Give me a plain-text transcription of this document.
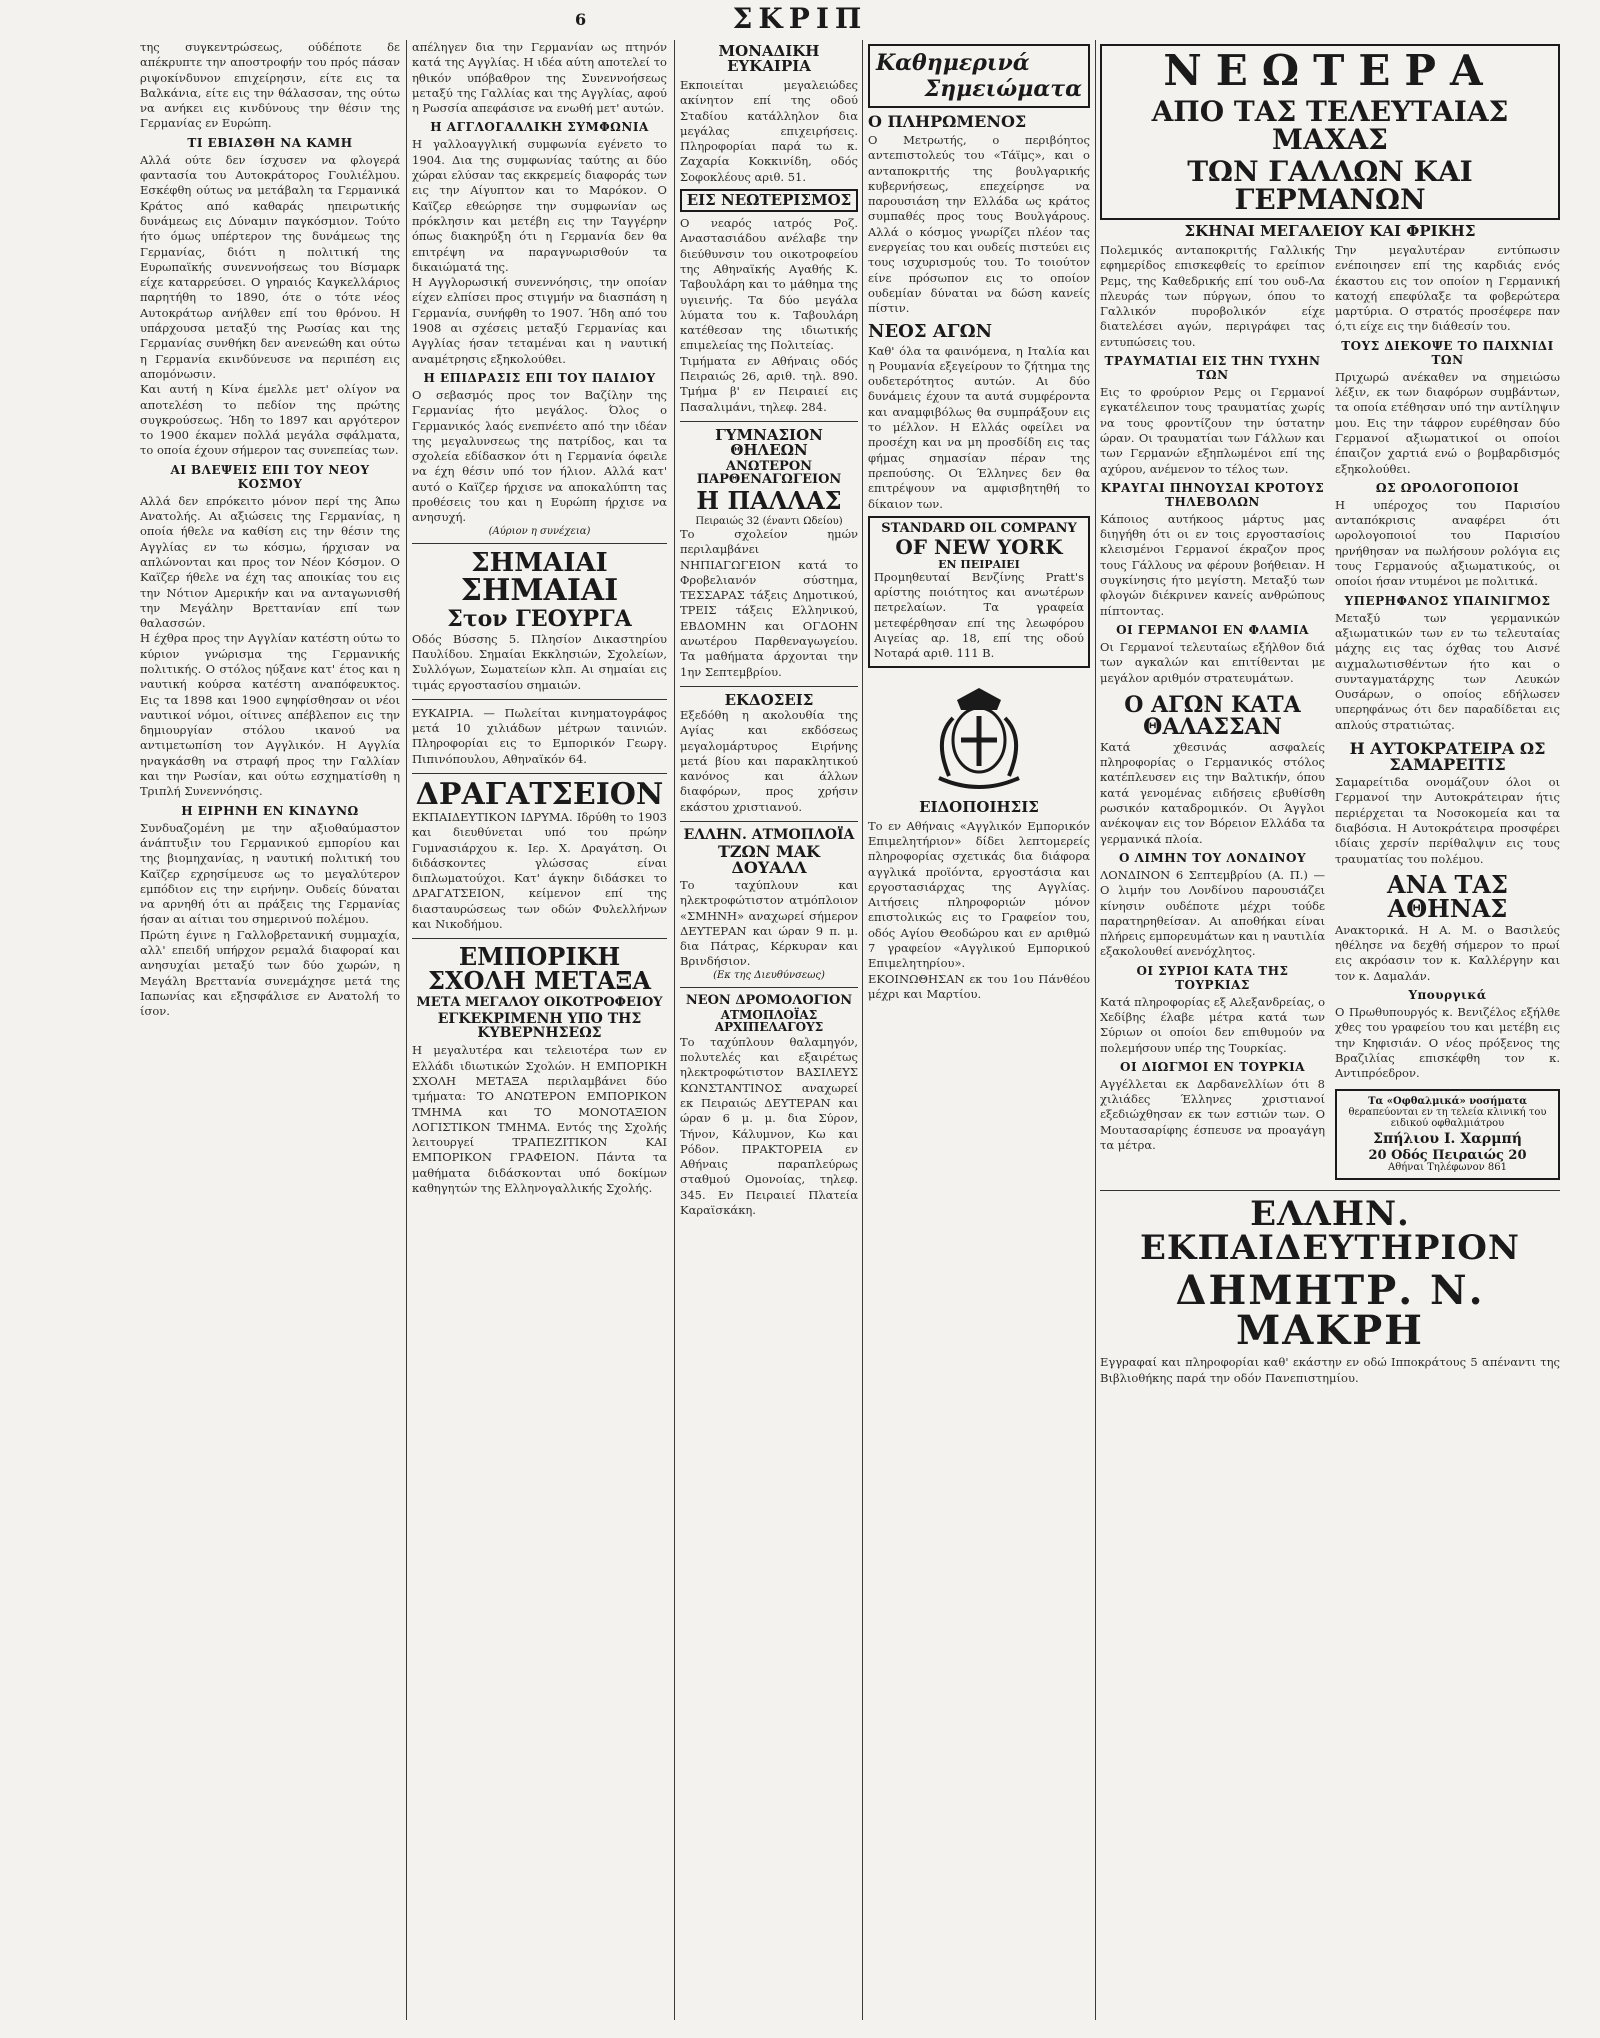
6	ΣΚΡΙΠ

της συγκεντρώσεως, ούδέποτε δε απέκρυπτε την αποστροφήν του πρός πάσαν ριψοκίνδυνον επιχείρησιν, είτε εις τα Βαλκάνια, είτε εις την θάλασσαν, της ούτω να ανήκει εις κινδύνους την θέσιν της Γερμανίας εν Ευρώπη.

ΤΙ ΕΒΙΑΣΘΗ ΝΑ ΚΑΜΗ

Αλλά ούτε δεν ίσχυσεν να φλογερά φαντασία του Αυτοκράτορος Γουλιέλμου. Εσκέφθη ούτως να μετάβαλη τα Γερμανικά Κράτος από καθαράς ηπειρωτικής δυνάμεως εις Δύναμιν παγκόσμιον. Τούτο ήτο όμως υπέρτερον της δυνάμεως της Γερμανίας, διότι η πολιτική της Ευρωπαϊκής συνεννοήσεως του Βίσμαρκ είχε καταρρεύσει. Ο γηραιός Καγκελλάριος παρητήθη το 1890, ότε ο τότε νέος Αυτοκράτωρ ανήλθεν επί του θρόνου. Η υπάρχουσα μεταξύ της Ρωσίας και της Γερμανίας συνθήκη δεν ανενεώθη και ούτω η Γερμανία εκινδύνευσε να περιπέση εις απομόνωσιν.

Και αυτή η Κίνα έμελλε μετ' ολίγον να αποτελέση το πεδίον της πρώτης συγκρούσεως. Ήδη το 1897 και αργότερον το 1900 έκαμεν πολλά μεγάλα σφάλματα, το οποία έχουν σήμερον τας συνεπείας των.

ΑΙ ΒΛΕΨΕΙΣ ΕΠΙ ΤΟΥ ΝΕΟΥ ΚΟΣΜΟΥ

Αλλά δεν επρόκειτο μόνον περί της Άπω Ανατολής. Αι αξιώσεις της Γερμανίας, η οποία ήθελε να καθίση εις την θέσιν της Αγγλίας εν τω κόσμω, ήρχισαν να απλώνονται και προς τον Νέον Κόσμον. Ο Καϊζερ ήθελε να έχη τας αποικίας του εις την Νότιον Αμερικήν και να ανταγωνισθή την Μεγάλην Βρεττανίαν επί των θαλασσών.

Η έχθρα προς την Αγγλίαν κατέστη ούτω το κύριον γνώρισμα της Γερμανικής πολιτικής. Ο στόλος ηύξανε κατ' έτος και η ναυτική κούρσα κατέστη αναπόφευκτος. Εις τα 1898 και 1900 εψηφίσθησαν οι νέοι ναυτικοί νόμοι, οίτινες απέβλεπον εις την δημιουργίαν στόλου ικανού να αντιμετωπίση τον Αγγλικόν. Η Αγγλία ηναγκάσθη να στραφή προς την Γαλλίαν και την Ρωσίαν, και ούτω εσχηματίσθη η Τριπλή Συνεννόησις.

Η ΕΙΡΗΝΗ ΕΝ ΚΙΝΔΥΝΩ

Συνδυαζομένη με την αξιοθαύμαστον άνάπτυξιν του Γερμανικού εμπορίου και της βιομηχανίας, η ναυτική πολιτική του Καϊζερ εχρησίμευσε ως το μεγαλύτερον εμπόδιον εις την ειρήνην. Ουδείς δύναται να αρνηθή ότι αι πράξεις της Γερμανίας ήσαν αι αίτιαι του σημερινού πολέμου.

Πρώτη έγινε η Γαλλοβρετανική συμμαχία, αλλ' επειδή υπήρχον ρεμαλά διαφοραί και ανησυχίαι μεταξύ των δύο χωρών, η Μεγάλη Βρεττανία συνεμάχησε μετά της Ιαπωνίας και εξησφάλισε εν Ανατολή το ίσον.

απέληγεν δια την Γερμανίαν ως πτηνόν κατά της Αγγλίας. Η ιδέα αύτη αποτελεί το ηθικόν υπόβαθρον της Συνεννοήσεως μεταξύ της Γαλλίας και της Αγγλίας, αφού η Ρωσσία απεφάσισε να ενωθή μετ' αυτών.

Η ΑΓΓΛΟΓΑΛΛΙΚΗ ΣΥΜΦΩΝΙΑ

Η γαλλοαγγλική συμφωνία εγένετο το 1904. Δια της συμφωνίας ταύτης αι δύο χώραι ελύσαν τας εκκρεμείς διαφοράς των εις την Αίγυπτον και το Μαρόκον. Ο Καϊζερ εθεώρησε την συμφωνίαν ως πρόκλησιν και μετέβη εις την Ταγγέρην όπως διακηρύξη ότι η Γερμανία δεν θα επιτρέψη να παραγνωρισθούν τα δικαιώματά της.

Η Αγγλορωσική συνεννόησις, την οποίαν είχεν ελπίσει προς στιγμήν να διασπάση η Γερμανία, συνήφθη το 1907. Ήδη από του 1908 αι σχέσεις μεταξύ Γερμανίας και Αγγλίας ήσαν τεταμέναι και η ναυτική αναμέτρησις εξηκολούθει.

Η ΕΠΙΔΡΑΣΙΣ ΕΠΙ ΤΟΥ ΠΑΙΔΙΟΥ

Ο σεβασμός προς τον Βαζίλην της Γερμανίας ήτο μεγάλος. Όλος ο Γερμανικός λαός ενεπνέετο από την ιδέαν της μεγαλυνσεως της πατρίδος, και τα σχολεία εδίδασκον ότι η Γερμανία όφειλε να έχη θέσιν υπό τον ήλιον. Αλλά κατ' αυτό ο Καϊζερ ήρχισε να αποκαλύπτη τας προθέσεις του και η Ευρώπη ήρχισε να ανησυχή.

(Αύριον η συνέχεια)
ΣΗΜΑΙΑΙ
ΣΗΜΑΙΑΙ
Στον ΓΕΟΥΡΓΑ

Οδός Βύσσης 5. Πλησίον Δικαστηρίου Παυλίδου. Σημαίαι Εκκλησιών, Σχολείων, Συλλόγων, Σωματείων κλπ. Αι σημαίαι εις τιμάς εργοστασίου σημαιών.

ΕΥΚΑΙΡΙΑ. — Πωλείται κινηματογράφος μετά 10 χιλιάδων μέτρων ταινιών. Πληροφορίαι εις το Εμπορικόν Γεωργ. Πιπινόπουλου, Αθηναϊκόν 64.

ΔΡΑΓΑΤΣΕΙΟΝ

ΕΚΠΑΙΔΕΥΤΙΚΟΝ ΙΔΡΥΜΑ. Ιδρύθη το 1903 και διευθύνεται υπό του πρώην Γυμνασιάρχου κ. Ιερ. Χ. Δραγάτση. Οι διδάσκοντες γλώσσας είναι διπλωματούχοι. Κατ' άγκην διδάσκει το ΔΡΑΓΑΤΣΕΙΟΝ, κείμενον επί της διασταυρώσεως των οδών Φυλελλήνων και Νικοδήμου.

ΕΜΠΟΡΙΚΗ ΣΧΟΛΗ ΜΕΤΑΞΑ
ΜΕΤΑ ΜΕΓΑΛΟΥ ΟΙΚΟΤΡΟΦΕΙΟΥ
ΕΓΚΕΚΡΙΜΕΝΗ ΥΠΟ ΤΗΣ ΚΥΒΕΡΝΗΣΕΩΣ

Η μεγαλυτέρα και τελειοτέρα των εν Ελλάδι ιδιωτικών Σχολών. Η ΕΜΠΟΡΙΚΗ ΣΧΟΛΗ ΜΕΤΑΞΑ περιλαμβάνει δύο τμήματα: ΤΟ ΑΝΩΤΕΡΟΝ ΕΜΠΟΡΙΚΟΝ ΤΜΗΜΑ και ΤΟ ΜΟΝΟΤΑΞΙΟΝ ΛΟΓΙΣΤΙΚΟΝ ΤΜΗΜΑ. Εντός της Σχολής λειτουργεί ΤΡΑΠΕΖΙΤΙΚΟΝ ΚΑΙ ΕΜΠΟΡΙΚΟΝ ΓΡΑΦΕΙΟΝ. Πάντα τα μαθήματα διδάσκονται υπό δοκίμων καθηγητών της Ελληνογαλλικής Σχολής.

ΜΟΝΑΔΙΚΗ ΕΥΚΑΙΡΙΑ

Εκποιείται μεγαλειώδες ακίνητον επί της οδού Σταδίου κατάλληλον δια μεγάλας επιχειρήσεις. Πληροφορίαι παρά τω κ. Ζαχαρία Κοκκινίδη, οδός Σοφοκλέους αριθ. 51.

ΕΙΣ ΝΕΩΤΕΡΙΣΜΟΣ

Ο νεαρός ιατρός Ροζ. Αναστασιάδου ανέλαβε την διεύθυνσιν του οικοτροφείου της Αθηναϊκής Αγαθής Κ. Ταβουλάρη και το μάθημα της υγιεινής. Τα δύο μεγάλα λύματα του κ. Ταβουλάρη κατέθεσαν της ιδιωτικής επιμελείας της Πολιτείας.

Τιμήματα εν Αθήναις οδός Πειραιώς 26, αριθ. τηλ. 890. Τμήμα β' εν Πειραιεί εις Πασαλιμάνι, τηλεφ. 284.

ΓΥΜΝΑΣΙΟΝ ΘΗΛΕΩΝ
ΑΝΩΤΕΡΟΝ ΠΑΡΘΕΝΑΓΩΓΕΙΟΝ
Η ΠΑΛΛΑΣ
Πειραιώς 32 (έναντι Ωδείου)

Το σχολείον ημών περιλαμβάνει ΝΗΠΙΑΓΩΓΕΙΟΝ κατά το Φροβελιανόν σύστημα, ΤΕΣΣΑΡΑΣ τάξεις Δημοτικού, ΤΡΕΙΣ τάξεις Ελληνικού, ΕΒΔΟΜΗΝ και ΟΓΔΟΗΝ ανωτέρου Παρθεναγωγείου. Τα μαθήματα άρχονται την 1ην Σεπτεμβρίου.

ΕΚΔΟΣΕΙΣ

Εξεδόθη η ακολουθία της Αγίας και εκδόσεως μεγαλομάρτυρος Ειρήνης μετά βίου και παρακλητικού κανόνος και άλλων διαφόρων, προς χρήσιν εκάστου χριστιανού.

ΕΛΛΗΝ. ΑΤΜΟΠΛΟΪΑ
ΤΖΩΝ ΜΑΚ ΔΟΥΑΛΛ

Το ταχύπλουν και ηλεκτροφώτιστον ατμόπλοιον «ΣΜΗΝΗ» αναχωρεί σήμερον ΔΕΥΤΕΡΑΝ και ώραν 9 π. μ. δια Πάτρας, Κέρκυραν και Βρινδήσιον.

(Εκ της Διευθύνσεως)
ΝΕΟΝ ΔΡΟΜΟΛΟΓΙΟΝ
ΑΤΜΟΠΛΟΪΑΣ ΑΡΧΙΠΕΛΑΓΟΥΣ

Το ταχύπλουν θαλαμηγόν, πολυτελές και εξαιρέτως ηλεκτροφώτιστον ΒΑΣΙΛΕΥΣ ΚΩΝΣΤΑΝΤΙΝΟΣ αναχωρεί εκ Πειραιώς ΔΕΥΤΕΡΑΝ και ώραν 6 μ. μ. δια Σύρον, Τήνον, Κάλυμνον, Κω και Ρόδον. ΠΡΑΚΤΟΡΕΙΑ εν Αθήναις παραπλεύρως σταθμού Ομονοίας, τηλεφ. 345. Εν Πειραιεί Πλατεία Καραϊσκάκη.

Καθημερινά
Σημειώματα
Ο ΠΛΗΡΩΜΕΝΟΣ

Ο Μετρωτής, ο περιβόητος αντεπιστολεύς του «Τάϊμς», και ο ανταποκριτής της βουλγαρικής κυβερνήσεως, επεχείρησε να παρουσιάση την Ελλάδα ως κράτος συμπαθές προς τους Βουλγάρους. Αλλά ο κόσμος γνωρίζει πλέον τας ενεργείας του και ουδείς πιστεύει εις τους ισχυρισμούς του. Το τοιούτον είνε πρόσωπον εις το οποίον ουδεμίαν δύναται να δώση κανείς πίστιν.

ΝΕΟΣ ΑΓΩΝ

Καθ' όλα τα φαινόμενα, η Ιταλία και η Ρουμανία εξεγείρουν το ζήτημα της ουδετερότητος αυτών. Αι δύο δυνάμεις έχουν τα αυτά συμφέροντα και αναμφιβόλως θα συμπράξουν εις το μέλλον. Η Ελλάς οφείλει να προσέχη και να μη προσδίδη εις τας φήμας σημασίαν πέραν της πρεπούσης. Οι Έλληνες δεν θα επιτρέψουν να αμφισβητηθή το δίκαιον των.

STANDARD OIL COMPANY
OF NEW YORK
ΕΝ ΠΕΙΡΑΙΕΙ

Προμηθευταί Βενζίνης Pratt's αρίστης ποιότητος και ανωτέρων πετρελαίων. Τα γραφεία μετεφέρθησαν επί της λεωφόρου Αιγείας αρ. 18, επί της οδού Νοταρά αριθ. 111 Β.

ΕΙΔΟΠΟΙΗΣΙΣ

Το εν Αθήναις «Αγγλικόν Εμπορικόν Επιμελητήριον» δίδει λεπτομερείς πληροφορίας σχετικάς δια διάφορα αγγλικά προϊόντα, εργοστάσια και εργοστασιάρχας της Αγγλίας. Αιτήσεις πληροφοριών μόνον επιστολικώς εις το Γραφείον του, οδός Αγίου Θεοδώρου και εν αριθμώ 7 γραφείον «Αγγλικού Εμπορικού Επιμελητηρίου».

ΕΚΟΙΝΩΘΗΣΑΝ εκ του 1ου Πάνθέου μέχρι και Μαρτίου.

ΝΕΩΤΕΡΑ
ΑΠΟ ΤΑΣ ΤΕΛΕΥΤΑΙΑΣ ΜΑΧΑΣ
ΤΩΝ ΓΑΛΛΩΝ ΚΑΙ ΓΕΡΜΑΝΩΝ
ΣΚΗΝΑΙ ΜΕΓΑΛΕΙΟΥ ΚΑΙ ΦΡΙΚΗΣ

Πολεμικός ανταποκριτής Γαλλικής εφημερίδος επισκεφθείς το ερείπιον Ρεμς, της Καθεδρικής επί του ουδ-Λα πλευράς των πύργων, όπου το Γαλλικόν πυροβολικόν είχε διατελέσει αγών, περιγράφει τας εντυπώσεις του.

ΤΡΑΥΜΑΤΙΑΙ ΕΙΣ ΤΗΝ ΤΥΧΗΝ ΤΩΝ

Εις το φρούριον Ρεμς οι Γερμανοί εγκατέλειπον τους τραυματίας χωρίς να τους φροντίζουν την ύστατην ώραν. Οι τραυματίαι των Γάλλων και των Γερμανών εξηπλωμένοι επί της αχύρου, ανέμενον το τέλος των.

ΚΡΑΥΓΑΙ ΠΗΝΟΥΣΑΙ ΚΡΟΤΟΥΣ ΤΗΛΕΒΟΛΩΝ

Κάποιος αυτήκοος μάρτυς μας διηγήθη ότι οι εν τοις εργοστασίοις κλεισμένοι Γερμανοί έκραζον προς τους Γάλλους να φέρουν βοήθειαν. Η συγκίνησις ήτο μεγίστη. Μεταξύ των φλογών διέκρινεν κανείς ανθρώπους πίπτοντας.

ΟΙ ΓΕΡΜΑΝΟΙ ΕΝ ΦΛΑΜΙΑ

Οι Γερμανοί τελευταίως εξήλθον διά των αγκαλών και επιτίθενται με μεγάλον αριθμόν στρατευμάτων.

Ο ΑΓΩΝ ΚΑΤΑ ΘΑΛΑΣΣΑΝ

Κατά χθεσινάς ασφαλείς πληροφορίας ο Γερμανικός στόλος κατέπλευσεν εις την Βαλτικήν, όπου κατά γενομένας ειδήσεις εβυθίσθη ρωσικόν καταδρομικόν. Οι Άγγλοι ανέκοψαν εις τον Βόρειον Ελλάδα τα γερμανικά πλοία.

Ο ΛΙΜΗΝ ΤΟΥ ΛΟΝΔΙΝΟΥ

ΛΟΝΔΙΝΟΝ 6 Σεπτεμβρίου (Α. Π.) — Ο λιμήν του Λονδίνου παρουσιάζει κίνησιν ουδέποτε μέχρι τούδε παρατηρηθείσαν. Αι αποθήκαι είναι πλήρεις εμπορευμάτων και η ναυτιλία εξακολουθεί ανενόχλητος.

ΟΙ ΣΥΡΙΟΙ ΚΑΤΑ ΤΗΣ ΤΟΥΡΚΙΑΣ

Κατά πληροφορίας εξ Αλεξανδρείας, ο Χεδίβης έλαβε μέτρα κατά των Σύριων οι οποίοι δεν επιθυμούν να πολεμήσουν υπέρ της Τουρκίας.

ΟΙ ΔΙΩΓΜΟΙ ΕΝ ΤΟΥΡΚΙΑ

Αγγέλλεται εκ Δαρδανελλίων ότι 8 χιλιάδες Έλληνες χριστιανοί εξεδιώχθησαν εκ των εστιών των. Ο Μουτασαρίφης έσπευσε να προαγάγη τα μέτρα.

Την μεγαλυτέραν εντύπωσιν ενέποιησεν επί της καρδιάς ενός έκαστου εις τον οποίον η Γερμανική κατοχή επεφύλαξε τα φοβερώτερα μαρτύρια. Ο στρατός προσέφερε παν ό,τι είχε εις την διάθεσίν του.

ΤΟΥΣ ΔΙΕΚΟΨΕ ΤΟ ΠΑΙΧΝΙΔΙ ΤΩΝ

Πριχωρώ ανέκαθεν να σημειώσω λέξιν, εκ των διαφόρων συμβάντων, τα οποία ετέθησαν υπό την αντίληψιν μου. Εις την τάφρον ευρέθησαν δύο Γερμανοί αξιωματικοί οι οποίοι έπαιζον χαρτιά ενώ ο βομβαρδισμός εξηκολούθει.

ΩΣ ΩΡΟΛΟΓΟΠΟΙΟΙ

Η υπέροχος του Παρισίου ανταπόκρισις αναφέρει ότι ωρολογοποιοί του Παρισίου ηρνήθησαν να πωλήσουν ρολόγια εις τους Γερμανούς αξιωματικούς, οι οποίοι ήσαν ντυμένοι με πολιτικά.

ΥΠΕΡΗΦΑΝΟΣ ΥΠΑΙΝΙΓΜΟΣ

Μεταξύ των γερμανικών αξιωματικών των εν τω τελευταίας μάχης εις τας όχθας του Αισνέ αιχμαλωτισθέντων ήτο και ο συνταγματάρχης των Λευκών Ουσάρων, ο οποίος εδήλωσεν υπερηφάνως ότι δεν παραδίδεται εις απλούς στρατιώτας.

Η ΑΥΤΟΚΡΑΤΕΙΡΑ ΩΣ ΣΑΜΑΡΕΙΤΙΣ

Σαμαρείτιδα ονομάζουν όλοι οι Γερμανοί την Αυτοκράτειραν ήτις περιέρχεται τα Νοσοκομεία και τα διαβόσια. Η Αυτοκράτειρα προσφέρει ιδίαις χερσίν περίθαλψιν εις τους τραυματίας του πολέμου.

ΑΝΑ ΤΑΣ ΑΘΗΝΑΣ

Ανακτορικά. Η Α. Μ. ο Βασιλεύς ηθέλησε να δεχθή σήμερον το πρωί εις ακρόασιν τον κ. Καλλέργην και τον κ. Δαμαλάν.

Υπουργικά

Ο Πρωθυπουργός κ. Βενιζέλος εξήλθε χθες του γραφείου του και μετέβη εις την Κηφισιάν. Ο νέος πρόξενος της Βραζιλίας επισκέφθη τον κ. Αντιπρόεδρον.

Τα «Οφθαλμικά» νοσήματα
θεραπεύονται εν τη τελεία κλινική του ειδικού οφθαλμιάτρου
Σπήλιου Ι. Χαρμπή
20 Οδός Πειραιώς 20
Αθήναι Τηλέφωνον 861
ΕΛΛΗΝ. ΕΚΠΑΙΔΕΥΤΗΡΙΟΝ
ΔΗΜΗΤΡ. Ν. ΜΑΚΡΗ

Εγγραφαί και πληροφορίαι καθ' εκάστην εν οδώ Ιπποκράτους 5 απέναντι της Βιβλιοθήκης παρά την οδόν Πανεπιστημίου.
